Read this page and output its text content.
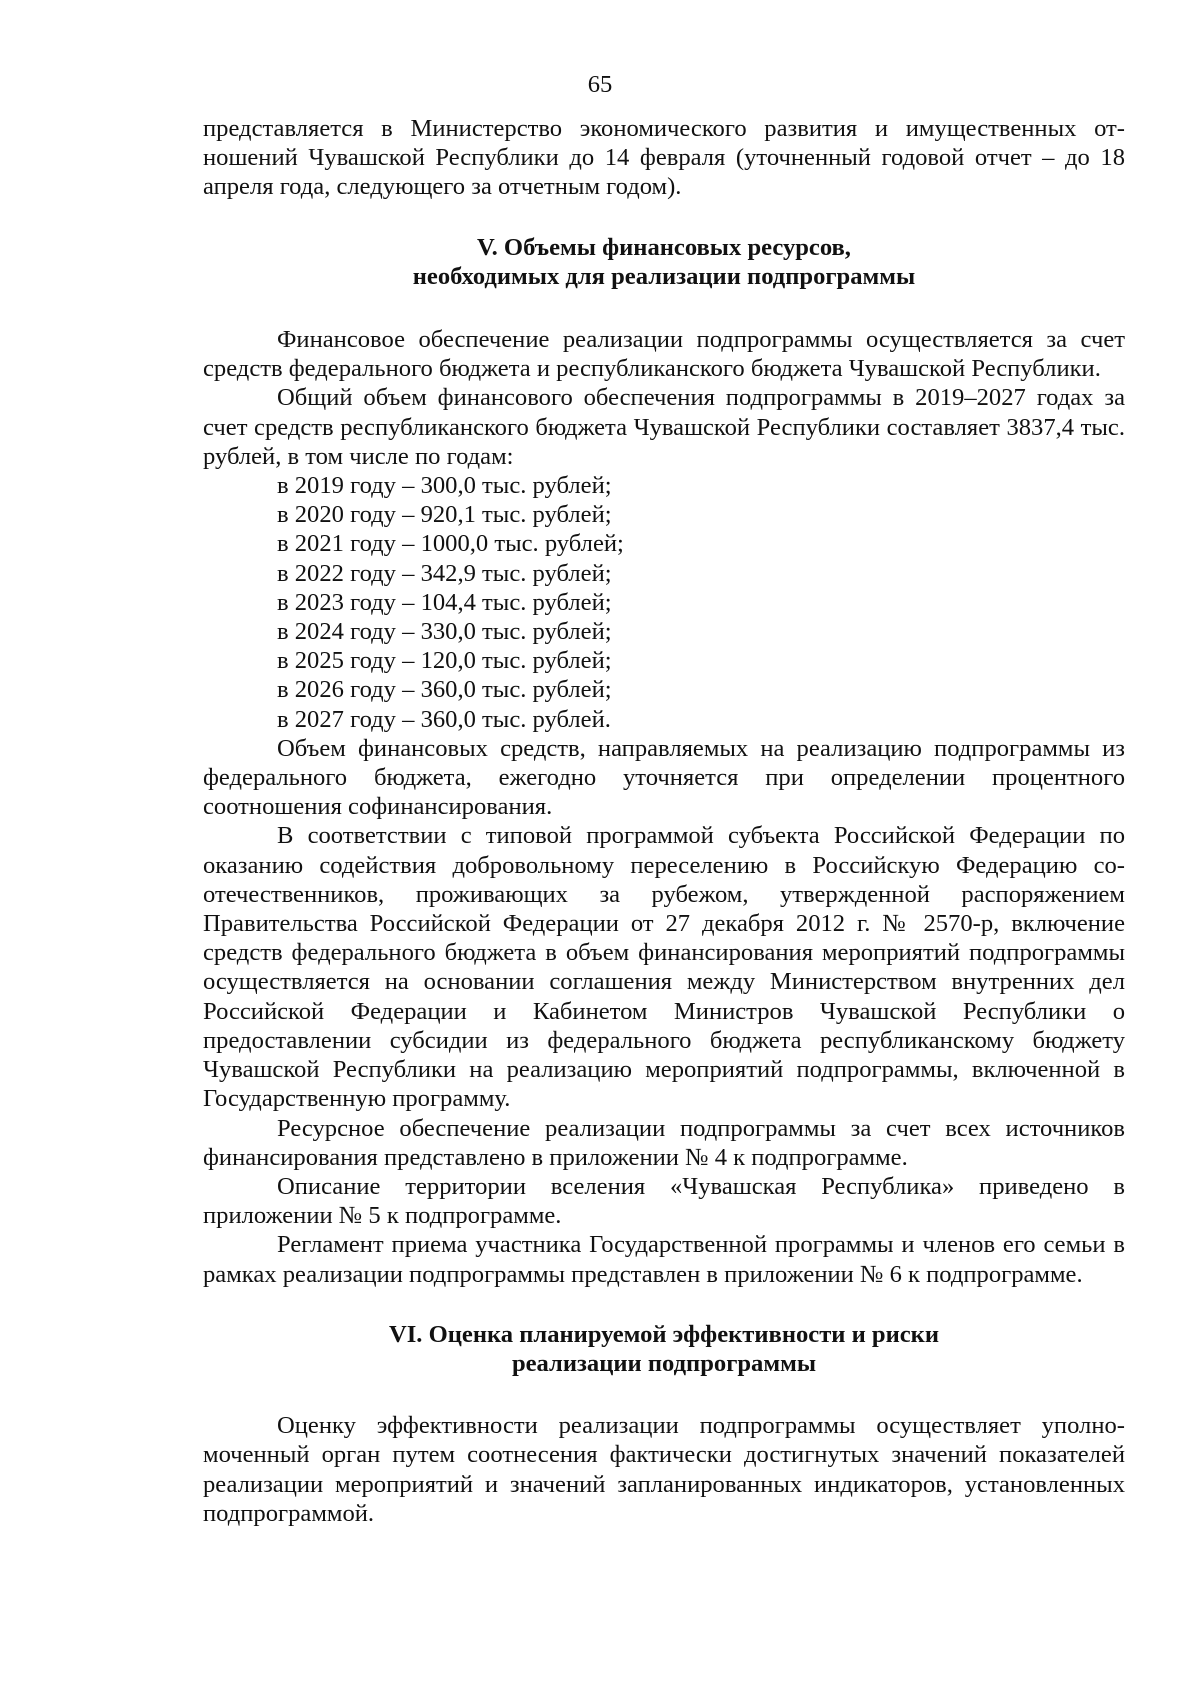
65

представляется в Министерство экономического развития и имущественных отношений Чувашской Республики до 14 февраля (уточненный годовой отчет – до 18 апреля года, следующего за отчетным годом).

V. Объемы финансовых ресурсов,
необходимых для реализации подпрограммы

Финансовое обеспечение реализации подпрограммы осуществляется за счет средств федерального бюджета и республиканского бюджета Чувашской Республики.

Общий объем финансового обеспечения подпрограммы в 2019–2027 годах за счет средств республиканского бюджета Чувашской Республики составляет 3837,4 тыс. рублей, в том числе по годам:

в 2019 году – 300,0 тыс. рублей;
в 2020 году – 920,1 тыс. рублей;
в 2021 году – 1000,0 тыс. рублей;
в 2022 году – 342,9 тыс. рублей;
в 2023 году – 104,4 тыс. рублей;
в 2024 году – 330,0 тыс. рублей;
в 2025 году – 120,0 тыс. рублей;
в 2026 году – 360,0 тыс. рублей;
в 2027 году – 360,0 тыс. рублей.

Объем финансовых средств, направляемых на реализацию подпрограммы из федерального бюджета, ежегодно уточняется при определении процентного соотношения софинансирования.

В соответствии с типовой программой субъекта Российской Федерации по оказанию содействия добровольному переселению в Российскую Федерацию соотечественников, проживающих за рубежом, утвержденной распоряжением Правительства Российской Федерации от 27 декабря 2012 г. № 2570-р, включение средств федерального бюджета в объем финансирования мероприятий подпрограммы осуществляется на основании соглашения между Министерством внутренних дел Российской Федерации и Кабинетом Министров Чувашской Республики о предоставлении субсидии из федерального бюджета республиканскому бюджету Чувашской Республики на реализацию мероприятий подпрограммы, включенной в Государственную программу.

Ресурсное обеспечение реализации подпрограммы за счет всех источников финансирования представлено в приложении № 4 к подпрограмме.

Описание территории вселения «Чувашская Республика» приведено в приложении № 5 к подпрограмме.

Регламент приема участника Государственной программы и членов его семьи в рамках реализации подпрограммы представлен в приложении № 6 к подпрограмме.

VI. Оценка планируемой эффективности и риски
реализации подпрограммы

Оценку эффективности реализации подпрограммы осуществляет уполномоченный орган путем соотнесения фактически достигнутых значений показателей реализации мероприятий и значений запланированных индикаторов, установленных подпрограммой.
